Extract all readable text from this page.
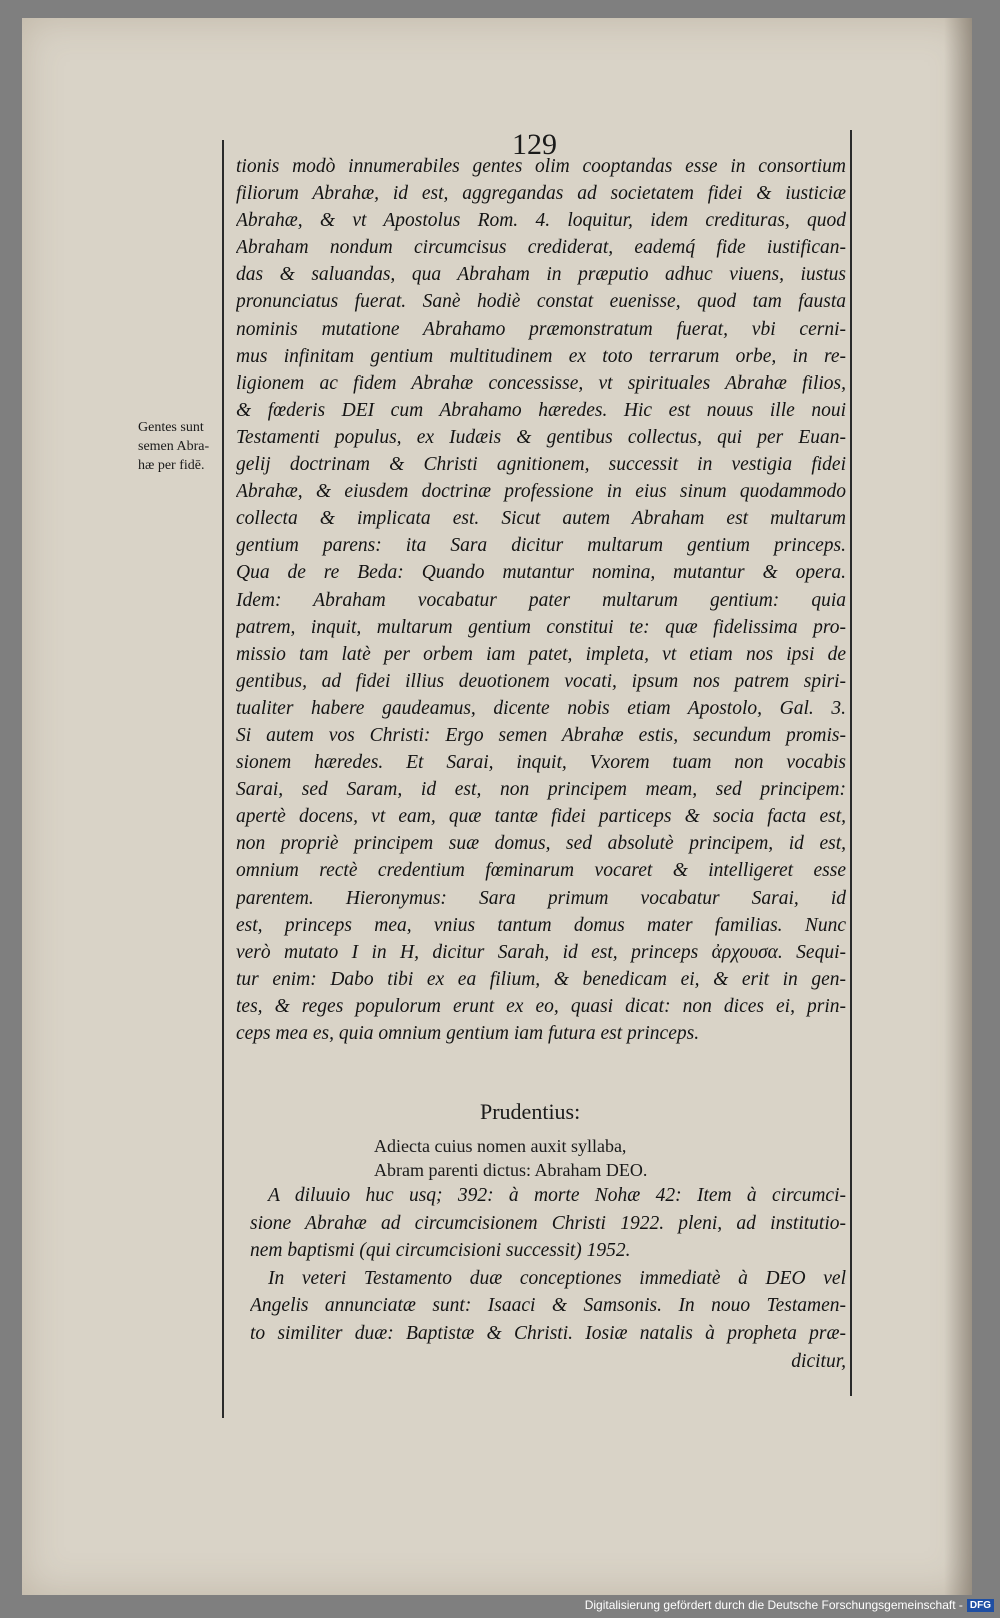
129
Gentes sunt
semen Abra-
hæ per fidē.
tionis modò innumerabiles gentes olim cooptandas esse in consortium
filiorum Abrahæ, id est, aggregandas ad societatem fidei & iusticiæ
Abrahæ, & vt Apostolus Rom. 4. loquitur, idem credituras, quod
Abraham nondum circumcisus crediderat, eademq́ fide iustifican-
das & saluandas, qua Abraham in præputio adhuc viuens, iustus
pronunciatus fuerat. Sanè hodiè constat euenisse, quod tam fausta
nominis mutatione Abrahamo præmonstratum fuerat, vbi cerni-
mus infinitam gentium multitudinem ex toto terrarum orbe, in re-
ligionem ac fidem Abrahæ concessisse, vt spirituales Abrahæ filios,
& fœderis DEI cum Abrahamo hæredes. Hic est nouus ille noui
Testamenti populus, ex Iudæis & gentibus collectus, qui per Euan-
gelij doctrinam & Christi agnitionem, successit in vestigia fidei
Abrahæ, & eiusdem doctrinæ professione in eius sinum quodammodo
collecta & implicata est. Sicut autem Abraham est multarum
gentium parens: ita Sara dicitur multarum gentium princeps.
Qua de re Beda: Quando mutantur nomina, mutantur & opera.
Idem: Abraham vocabatur pater multarum gentium: quia
patrem, inquit, multarum gentium constitui te: quæ fidelissima pro-
missio tam latè per orbem iam patet, impleta, vt etiam nos ipsi de
gentibus, ad fidei illius deuotionem vocati, ipsum nos patrem spiri-
tualiter habere gaudeamus, dicente nobis etiam Apostolo, Gal. 3.
Si autem vos Christi: Ergo semen Abrahæ estis, secundum promis-
sionem hæredes. Et Sarai, inquit, Vxorem tuam non vocabis
Sarai, sed Saram, id est, non principem meam, sed principem:
apertè docens, vt eam, quæ tantæ fidei particeps & socia facta est,
non propriè principem suæ domus, sed absolutè principem, id est,
omnium rectè credentium fœminarum vocaret & intelligeret esse
parentem. Hieronymus: Sara primum vocabatur Sarai, id
est, princeps mea, vnius tantum domus mater familias. Nunc
verò mutato I in H, dicitur Sarah, id est, princeps ἀρχουσα. Sequi-
tur enim: Dabo tibi ex ea filium, & benedicam ei, & erit in gen-
tes, & reges populorum erunt ex eo, quasi dicat: non dices ei, prin-
ceps mea es, quia omnium gentium iam futura est princeps.
Prudentius:
Adiecta cuius nomen auxit syllaba,
Abram parenti dictus: Abraham DEO.
A diluuio huc usq; 392: à morte Nohæ 42: Item à circumci-
sione Abrahæ ad circumcisionem Christi 1922. pleni, ad institutio-
nem baptismi (qui circumcisioni successit) 1952.
In veteri Testamento duæ conceptiones immediatè à DEO vel
Angelis annunciatæ sunt: Isaaci & Samsonis. In nouo Testamen-
to similiter duæ: Baptistæ & Christi. Iosiæ natalis à propheta præ-
dicitur,
Digitalisierung gefördert durch die Deutsche Forschungsgemeinschaft - DFG
